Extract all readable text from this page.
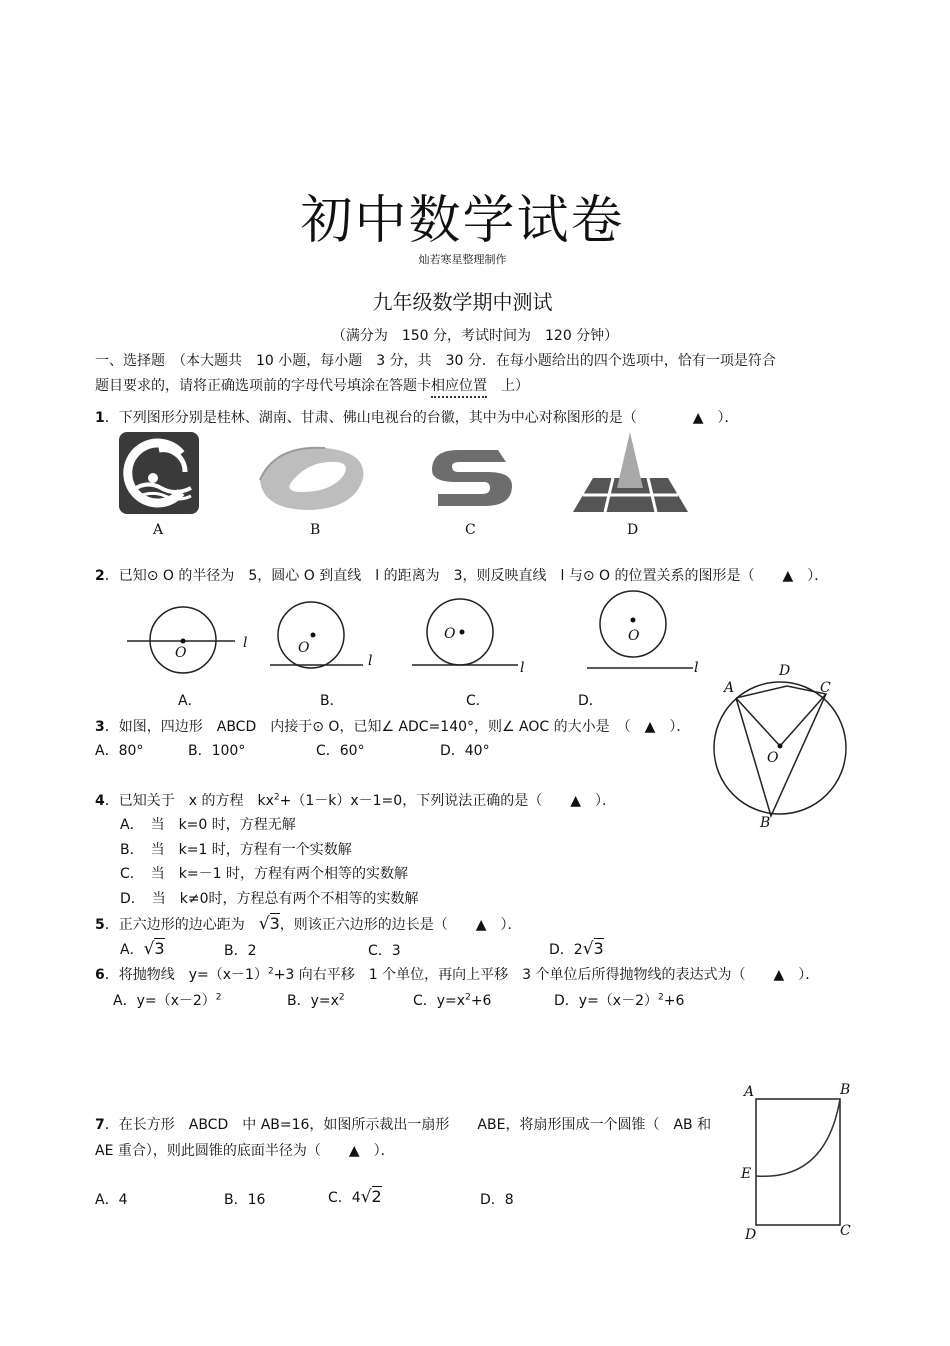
初中数学试卷
灿若寒星整理制作
九年级数学期中测试
（满分为　150 分，考试时间为　120 分钟）
一、选择题　（本大题共　10 小题，每小题　3 分，共　30 分．在每小题给出的四个选项中，恰有一项是符合
题目要求的，请将正确选项前的字母代号填涂在答题卡相应位置　上）
1．下列图形分别是桂林、湖南、甘肃、佛山电视台的台徽，其中为中心对称图形的是（　　　　▲　）．
A	B	C	D
2．已知⊙ O 的半径为　5，圆心 O 到直线　l 的距离为　3，则反映直线　l 与⊙ O 的位置关系的图形是（　　▲　）．
O
l	O
l
O
l
O
l
A．	B．	C．	D．
A
D
C
O
B
3．如图，四边形　ABCD　内接于⊙ O，已知∠ ADC=140°，则∠ AOC 的大小是　（　▲　）．
A．80°	B．100°	C．60°	D．40°
4．已知关于　x 的方程　$kx^2+(1-k)x-1=0$，下列说法正确的是（　　▲　）．
A．　当　k=0 时，方程无解
B．　当　k=1 时，方程有一个实数解
C．　当　k=－1 时，方程有两个相等的实数解
D．　当　k≠0时，方程总有两个不相等的实数解
5．正六边形的边心距为　√3，则该正六边形的边长是（　　▲　）．
A．√3	B．2	C．3	D．2√3
6．将抛物线　$y=(x-1)^2+3$ 向右平移　1 个单位，再向上平移　3 个单位后所得抛物线的表达式为（　　▲　）．
A．$y=(x-2)^2$	B．$y=x^2$	C．$y=x^2+6$	D．$y=(x-2)^2+6$
A	B
E
D	C
7．在长方形　ABCD　中 AB=16，如图所示裁出一扇形　　ABE，将扇形围成一个圆锥（　AB 和
AE 重合），则此圆锥的底面半径为（　　▲　）．
A．4	B．16	C．4√2	D．8
